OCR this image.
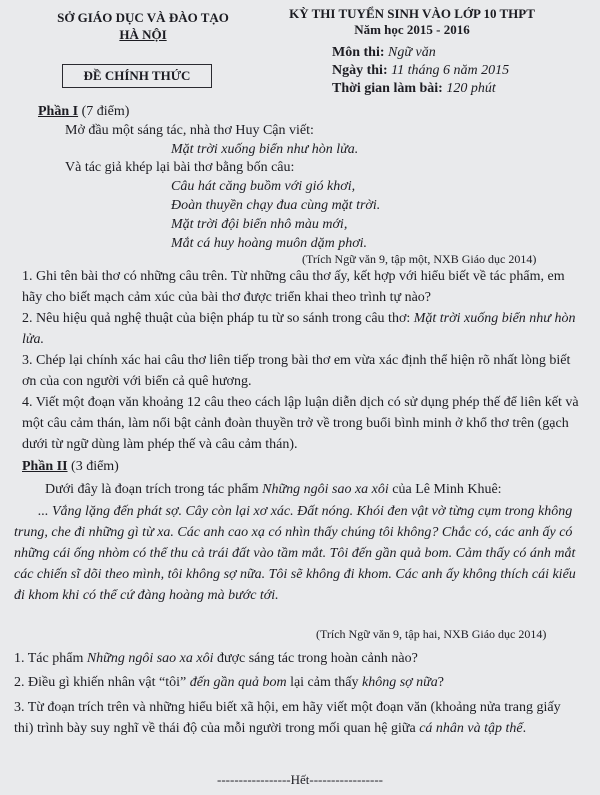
SỞ GIÁO DỤC VÀ ĐÀO TẠO
HÀ NỘI
KỲ THI TUYỂN SINH VÀO LỚP 10 THPT
Năm học 2015 - 2016
ĐỀ CHÍNH THỨC
Môn thi: Ngữ văn
Ngày thi: 11 tháng 6 năm 2015
Thời gian làm bài: 120 phút
Phần I (7 điểm)
Mở đầu một sáng tác, nhà thơ Huy Cận viết:
Mặt trời xuống biển như hòn lửa.
Và tác giả khép lại bài thơ bằng bốn câu:
Câu hát căng buồm với gió khơi,
Đoàn thuyền chạy đua cùng mặt trời.
Mặt trời đội biển nhô màu mới,
Mắt cá huy hoàng muôn dặm phơi.
(Trích Ngữ văn 9, tập một, NXB Giáo dục 2014)
1. Ghi tên bài thơ có những câu trên. Từ những câu thơ ấy, kết hợp với hiểu biết về tác phẩm, em hãy cho biết mạch cảm xúc của bài thơ được triển khai theo trình tự nào?
2. Nêu hiệu quả nghệ thuật của biện pháp tu từ so sánh trong câu thơ: Mặt trời xuống biển như hòn lửa.
3. Chép lại chính xác hai câu thơ liên tiếp trong bài thơ em vừa xác định thể hiện rõ nhất lòng biết ơn của con người với biển cả quê hương.
4. Viết một đoạn văn khoảng 12 câu theo cách lập luận diễn dịch có sử dụng phép thế để liên kết và một câu cảm thán, làm nổi bật cảnh đoàn thuyền trở về trong buổi bình minh ở khổ thơ trên (gạch dưới từ ngữ dùng làm phép thế và câu cảm thán).
Phần II (3 điểm)
Dưới đây là đoạn trích trong tác phẩm Những ngôi sao xa xôi của Lê Minh Khuê:
... Vắng lặng đến phát sợ. Cây còn lại xơ xác. Đất nóng. Khói đen vật vờ từng cụm trong không trung, che đi những gì từ xa. Các anh cao xạ có nhìn thấy chúng tôi không? Chắc có, các anh ấy có những cái ống nhòm có thể thu cả trái đất vào tầm mắt. Tôi đến gần quả bom. Cảm thấy có ánh mắt các chiến sĩ dõi theo mình, tôi không sợ nữa. Tôi sẽ không đi khom. Các anh ấy không thích cái kiểu đi khom khi có thể cứ đàng hoàng mà bước tới.
(Trích Ngữ văn 9, tập hai, NXB Giáo dục 2014)
1. Tác phẩm Những ngôi sao xa xôi được sáng tác trong hoàn cảnh nào?
2. Điều gì khiến nhân vật “tôi” đến gần quả bom lại cảm thấy không sợ nữa?
3. Từ đoạn trích trên và những hiểu biết xã hội, em hãy viết một đoạn văn (khoảng nửa trang giấy thi) trình bày suy nghĩ về thái độ của mỗi người trong mối quan hệ giữa cá nhân và tập thể.
-----------------Hết-----------------
